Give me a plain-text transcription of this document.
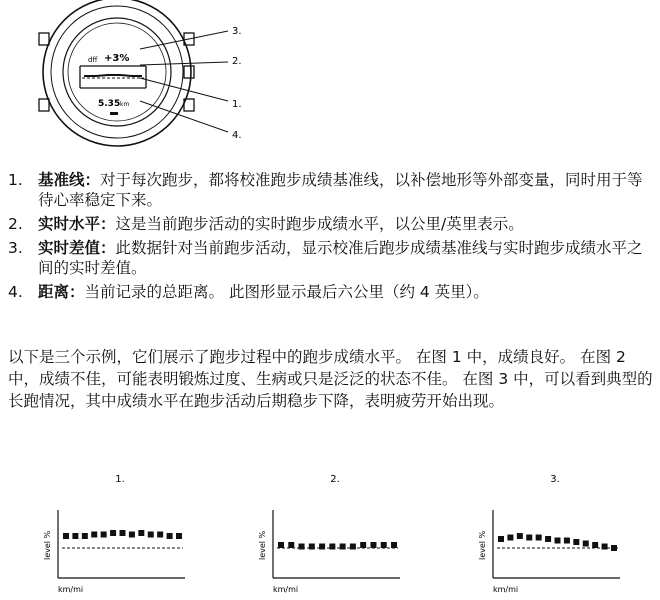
dff +3%
5.35 km
3.
2.
1.
4.
1. 基准线：对于每次跑步，都将校准跑步成绩基准线，以补偿地形等外部变量，同时用于等待心率稳定下来。
2. 实时水平：这是当前跑步活动的实时跑步成绩水平，以公里/英里表示。
3. 实时差值：此数据针对当前跑步活动，显示校准后跑步成绩基准线与实时跑步成绩水平之间的实时差值。
4. 距离：当前记录的总距离。 此图形显示最后六公里（约 4 英里）。

以下是三个示例，它们展示了跑步过程中的跑步成绩水平。 在图 1 中，成绩良好。 在图 2 中，成绩不佳，可能表明锻炼过度、生病或只是泛泛的状态不佳。 在图 3 中，可以看到典型的长跑情况，其中成绩水平在跑步活动后期稳步下降，表明疲劳开始出现。

1.
level %
km/mi
2.
level %
km/mi
3.
level %
km/mi
